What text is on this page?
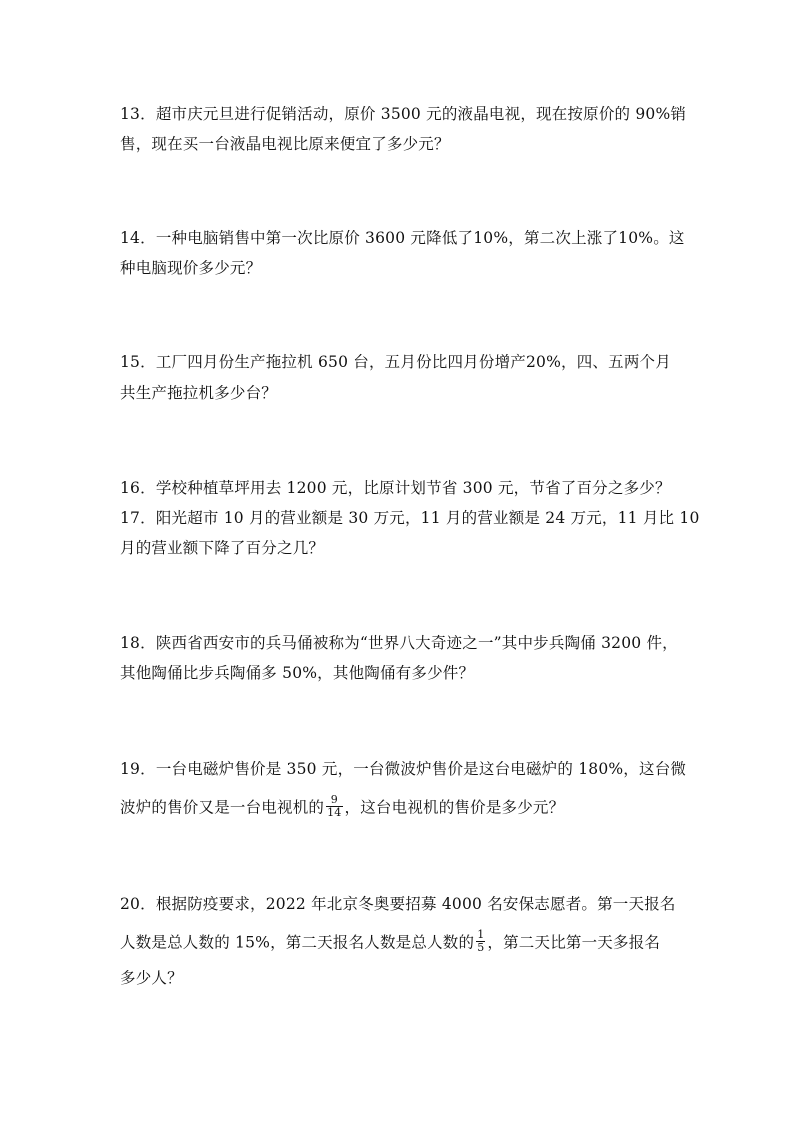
13．超市庆元旦进行促销活动，原价 3500 元的液晶电视，现在按原价的 90%销
售，现在买一台液晶电视比原来便宜了多少元？
14．一种电脑销售中第一次比原价 3600 元降低了10%，第二次上涨了10%。这
种电脑现价多少元？
15．工厂四月份生产拖拉机 650 台，五月份比四月份增产20%，四、五两个月
共生产拖拉机多少台？
16．学校种植草坪用去 1200 元，比原计划节省 300 元，节省了百分之多少？
17．阳光超市 10 月的营业额是 30 万元，11 月的营业额是 24 万元，11 月比 10
月的营业额下降了百分之几？
18．陕西省西安市的兵马俑被称为“世界八大奇迹之一”其中步兵陶俑 3200 件，
其他陶俑比步兵陶俑多 50%，其他陶俑有多少件？
19．一台电磁炉售价是 350 元，一台微波炉售价是这台电磁炉的 180%，这台微
波炉的售价又是一台电视机的 $\frac{9}{14}$ ，这台电视机的售价是多少元？
20．根据防疫要求，2022 年北京冬奥要招募 4000 名安保志愿者。第一天报名
人数是总人数的 15%，第二天报名人数是总人数的 $\frac{1}{5}$ ，第二天比第一天多报名
多少人？
